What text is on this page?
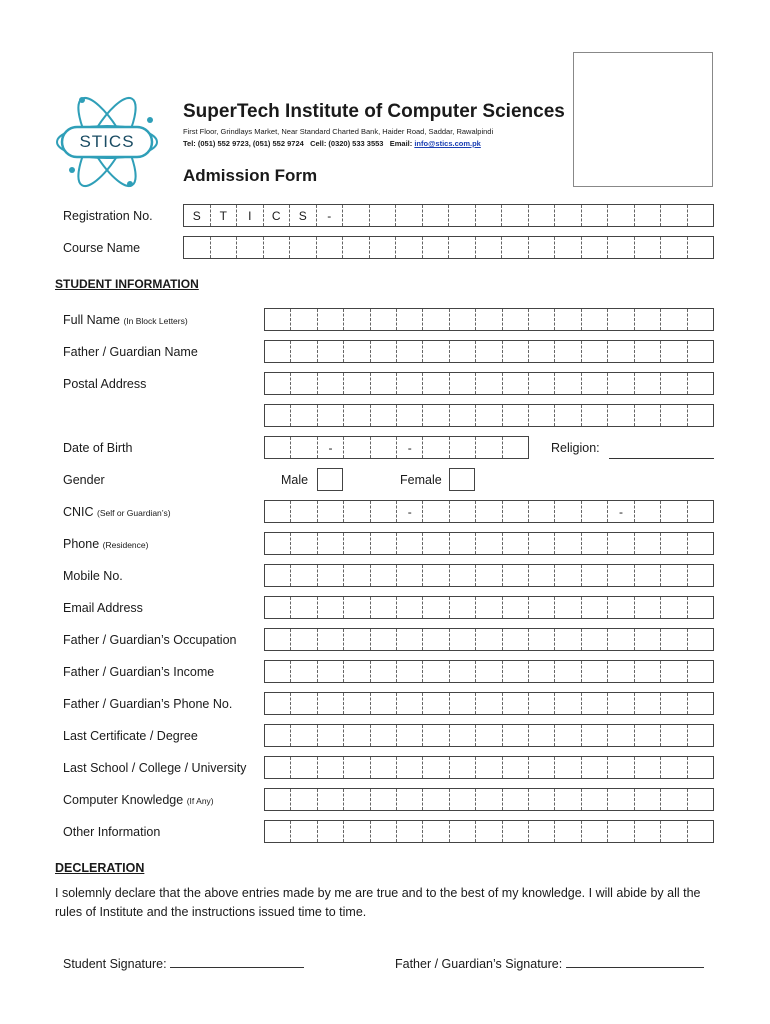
STICS
SuperTech Institute of Computer Sciences
First Floor, Grindlays Market, Near Standard Charted Bank, Haider Road, Saddar, Rawalpindi
Tel: (051) 552 9723, (051) 552 9724 Cell: (0320) 533 3553 Email: info@stics.com.pk
Admission Form
Registration No.	S	T	I	C	S	-
Course Name
STUDENT INFORMATION
Full Name (In Block Letters)
Father / Guardian Name
Postal Address
Date of Birth	-	-	Religion:
Gender	Male	Female
CNIC (Self or Guardian’s)	-	-
Phone (Residence)
Mobile No.
Email Address
Father / Guardian’s Occupation
Father / Guardian’s Income
Father / Guardian’s Phone No.
Last Certificate / Degree
Last School / College / University
Computer Knowledge (If Any)
Other Information
DECLERATION
I solemnly declare that the above entries made by me are true and to the best of my knowledge. I will abide by all the rules of Institute and the instructions issued time to time.
Student Signature:	Father / Guardian’s Signature:
